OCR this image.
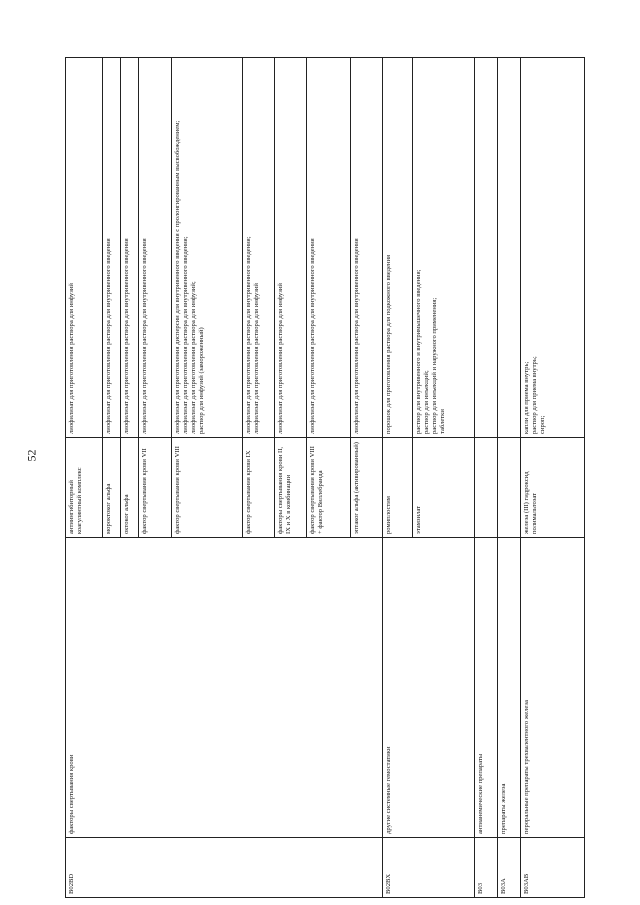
52
B02BD	факторы свертывания крови	антиингибиторный коагулянтный комплекс	лиофилизат для приготовления раствора для инфузий

		мороктоког альфа	лиофилизат для приготовления раствора для внутривенного введения

		октоког альфа	лиофилизат для приготовления раствора для внутривенного введения

		фактор свертывания крови VII	лиофилизат для приготовления раствора для внутривенного введения

		фактор свертывания крови VIII	лиофилизат для приготовления дисперсии для внутривенного введения с пролонгированным высвобождением; лиофилизат для приготовления раствора для внутривенного введения; лиофилизат для приготовления раствора для инфузий; раствор для инфузий (замороженный)

		фактор свертывания крови IX	лиофилизат для приготовления раствора для внутривенного введения; лиофилизат для приготовления раствора для инфузий

		факторы свертывания крови II, IX и X в комбинации	лиофилизат для приготовления раствора для инфузий

		фактор свертывания крови VIII + фактор Виллебранда	лиофилизат для приготовления раствора для внутривенного введения

		эптаког альфа (активированный)	лиофилизат для приготовления раствора для внутривенного введения

B02BX	другие системные гемостатики	ромиплостим	порошок для приготовления раствора для подкожного введения

		этамзилат	раствор для внутривенного и внутримышечного введения; раствор для инъекций; раствор для инъекций и наружного применения; таблетки

B03	антианемические препараты		
B03A	препараты железа		
B03AB	пероральные препараты трехвалентного железа	железа (III) гидроксид полимальтозат	капли для приема внутрь; раствор для приема внутрь; сироп;
